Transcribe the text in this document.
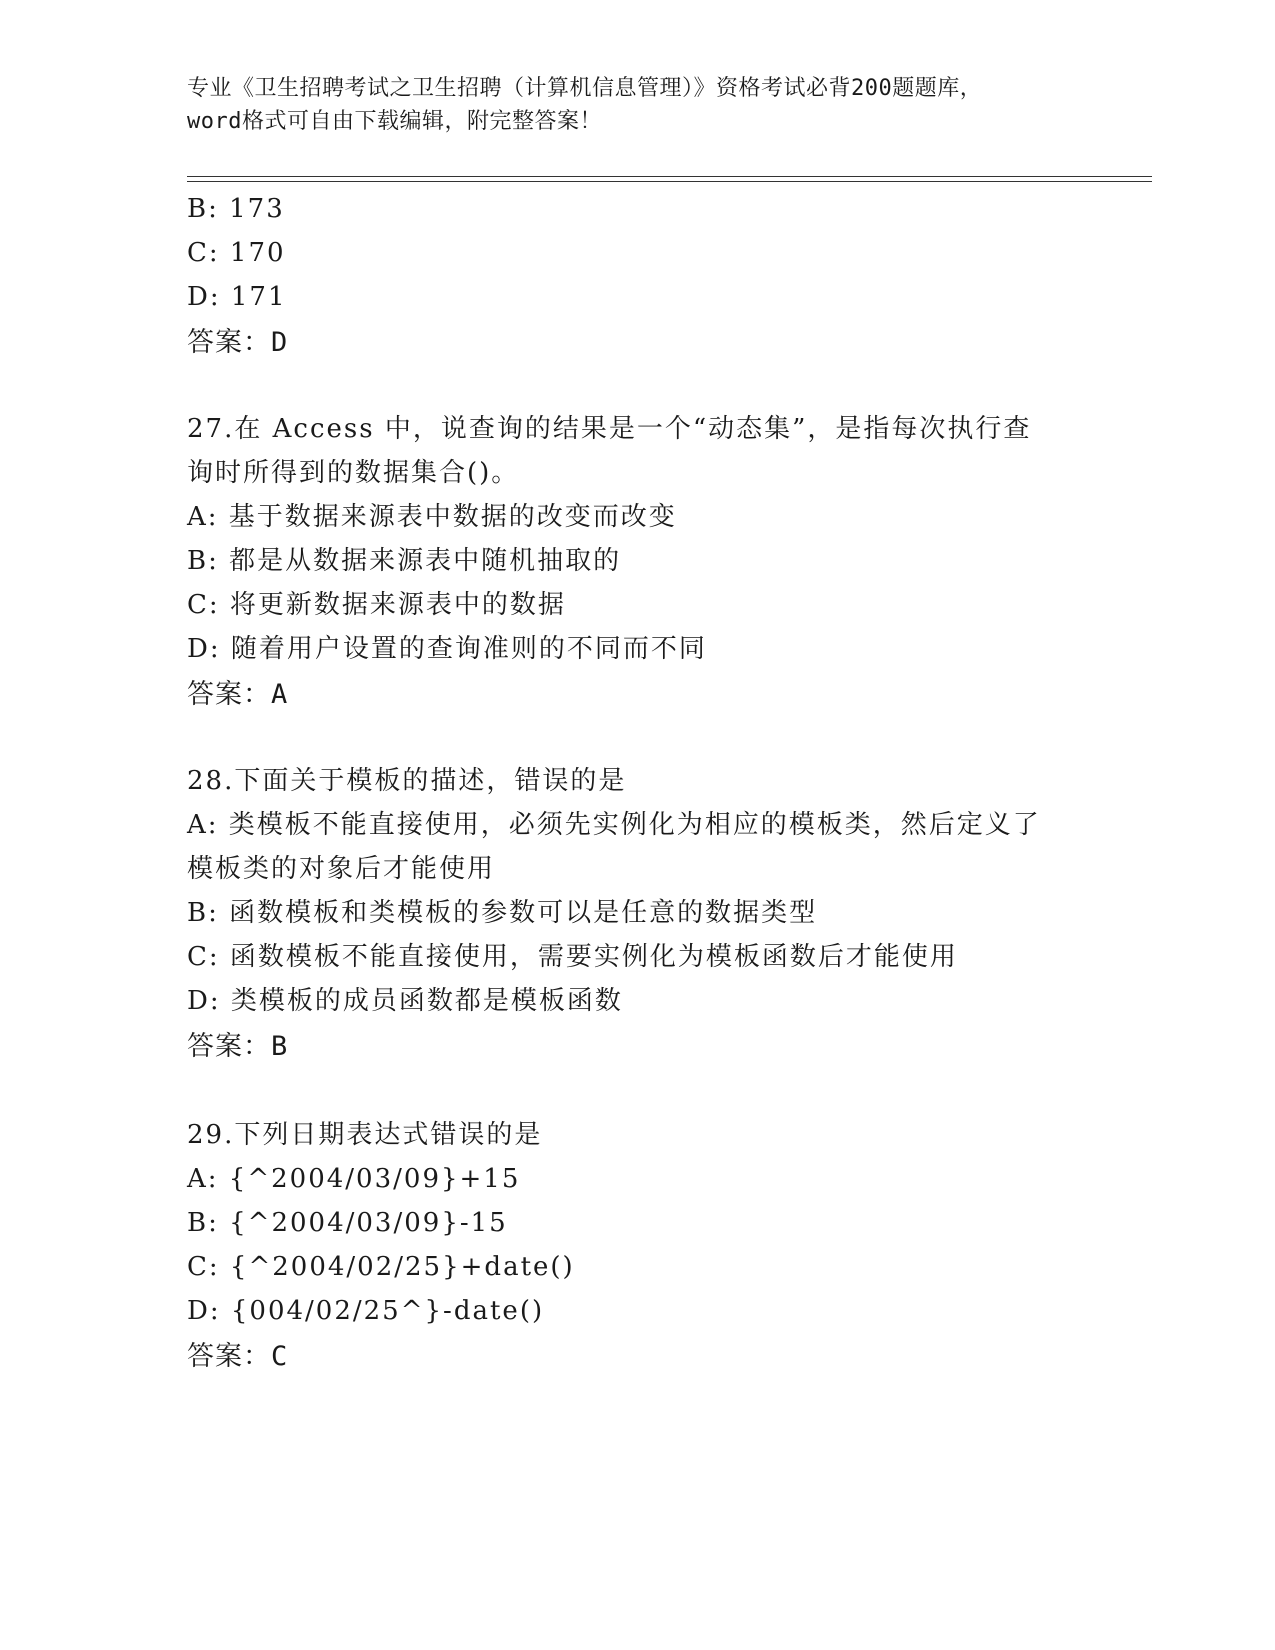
专业《卫生招聘考试之卫生招聘（计算机信息管理）》资格考试必背200题题库，
word格式可自由下载编辑，附完整答案！
B: 173
C: 170
D: 171
答案：D
27.在 Access 中，说查询的结果是一个“动态集”，是指每次执行查
询时所得到的数据集合()。
A: 基于数据来源表中数据的改变而改变
B: 都是从数据来源表中随机抽取的
C: 将更新数据来源表中的数据
D: 随着用户设置的查询准则的不同而不同
答案：A
28.下面关于模板的描述，错误的是
A: 类模板不能直接使用，必须先实例化为相应的模板类，然后定义了
模板类的对象后才能使用
B: 函数模板和类模板的参数可以是任意的数据类型
C: 函数模板不能直接使用，需要实例化为模板函数后才能使用
D: 类模板的成员函数都是模板函数
答案：B
29.下列日期表达式错误的是
A: {^2004/03/09}+15
B: {^2004/03/09}-15
C: {^2004/02/25}+date()
D: {004/02/25^}-date()
答案：C
